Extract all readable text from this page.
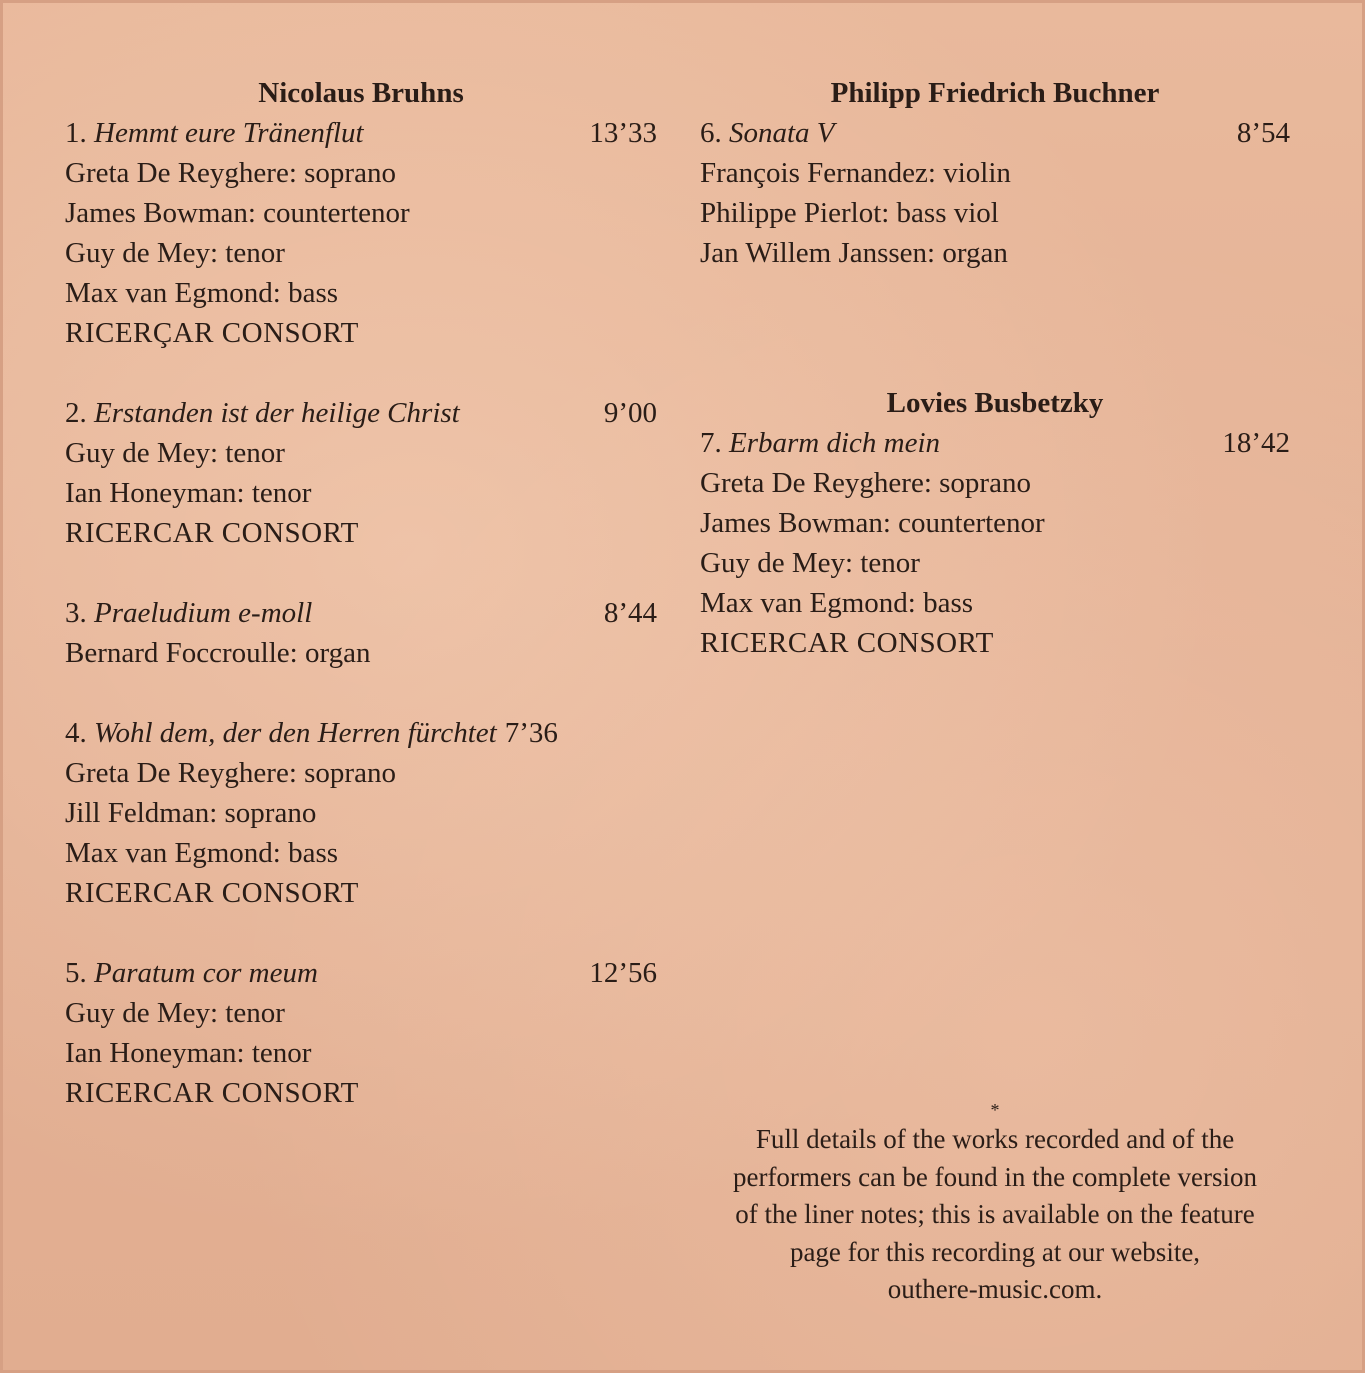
Nicolaus Bruhns
1. Hemmt eure Tränenflut	13’33
Greta De Reyghere: soprano
James Bowman: countertenor
Guy de Mey: tenor
Max van Egmond: bass
RICERÇAR CONSORT
2. Erstanden ist der heilige Christ	9’00
Guy de Mey: tenor
Ian Honeyman: tenor
RICERCAR CONSORT
3. Praeludium e-moll	8’44
Bernard Foccroulle: organ
4. Wohl dem, der den Herren fürchtet 7’36
Greta De Reyghere: soprano
Jill Feldman: soprano
Max van Egmond: bass
RICERCAR CONSORT
5. Paratum cor meum	12’56
Guy de Mey: tenor
Ian Honeyman: tenor
RICERCAR CONSORT
Philipp Friedrich Buchner
6. Sonata V	8’54
François Fernandez: violin
Philippe Pierlot: bass viol
Jan Willem Janssen: organ
Lovies Busbetzky
7. Erbarm dich mein	18’42
Greta De Reyghere: soprano
James Bowman: countertenor
Guy de Mey: tenor
Max van Egmond: bass
RICERCAR CONSORT
*
Full details of the works recorded and of the
performers can be found in the complete version
of the liner notes; this is available on the feature
page for this recording at our website,
outhere-music.com.
